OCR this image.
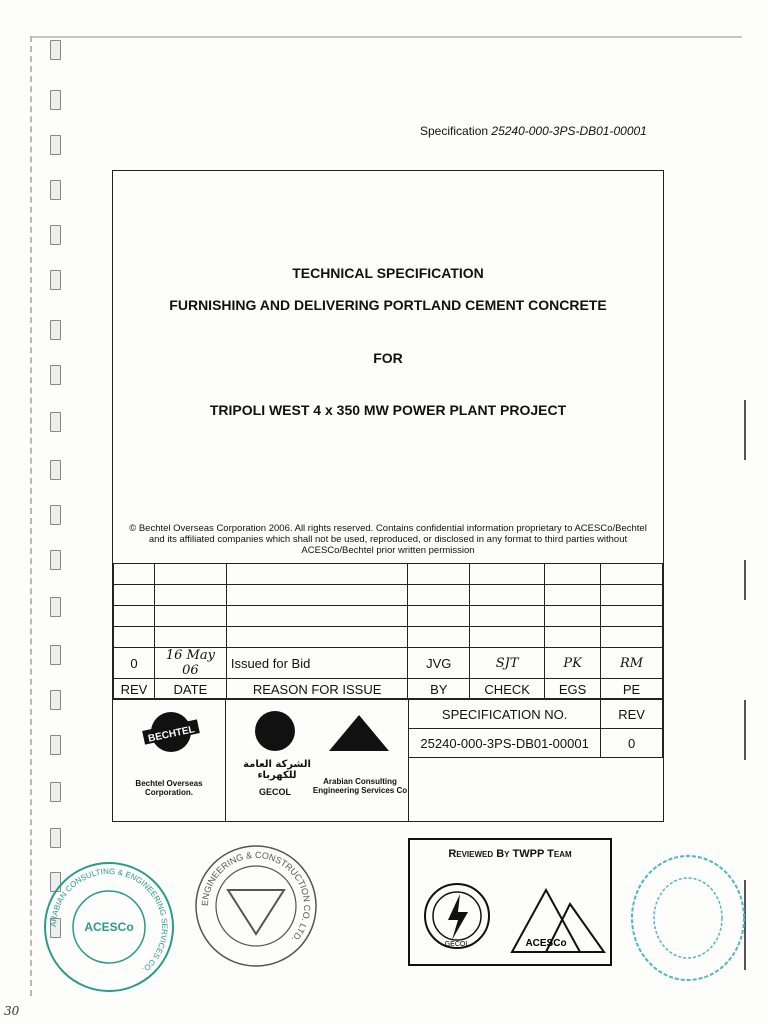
Specification 25240-000-3PS-DB01-00001
TECHNICAL SPECIFICATION
FURNISHING AND DELIVERING PORTLAND CEMENT CONCRETE
FOR
TRIPOLI WEST 4 x 350 MW POWER PLANT PROJECT
© Bechtel Overseas Corporation 2006. All rights reserved. Contains confidential information proprietary to ACESCo/Bechtel and its affiliated companies which shall not be used, reproduced, or disclosed in any format to third parties without ACESCo/Bechtel prior written permission

0	16 May 06	Issued for Bid	JVG	SJT	PK	RM
REV	DATE	REASON FOR ISSUE	BY	CHECK	EGS	PE
BECHTEL
Bechtel Overseas Corporation.
الشركة العامة للكهرباء
GECOL
Arabian Consulting Engineering Services Co
SPECIFICATION NO.	REV
25240-000-3PS-DB01-00001	0
ARABIAN CONSULTING & ENGINEERING SERVICES CO.
ACESCo
ENGINEERING & CONSTRUCTION CO. LTD.
Reviewed By TWPP Team
GECOL	ACESCo
30
